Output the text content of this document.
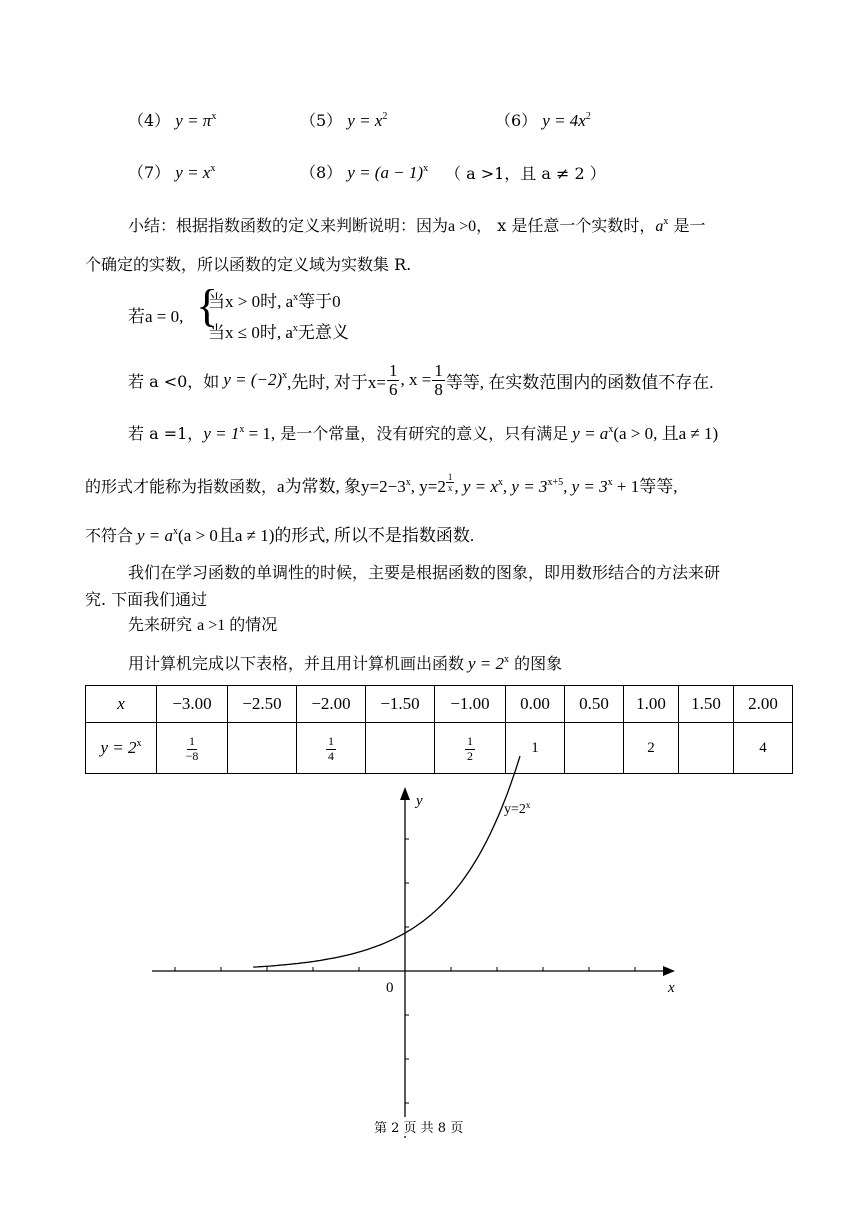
（4） $y = \pi^x$	（5） $y = x^2$	（6） $y = 4x^2$
（7） $y = x^x$	（8） $y = (a - 1)^x$ （ a >1，且 a ≠ 2 ）
小结：根据指数函数的定义来判断说明：因为a >0， x 是任意一个实数时，$a^x$ 是一
个确定的实数，所以函数的定义域为实数集 R.
若a = 0, {
当x > 0时, $a^x$等于0
当x ≤ 0时, $a^x$无意义
若 a <0，如 $y = (-2)^x$ ,先时, 对于$x= \frac{1}{6}$ , $x = \frac{1}{8}$ 等等, 在实数范围内的函数值不存在.
若 a =1，$y = 1^x = 1$, 是一个常量，没有研究的意义，只有满足 $y = a^x(a > 0$, 且a ≠ 1)
的形式才能称为指数函数，a为常数, 象$y=2-3^x$, y=2 $^{\frac{1}{x}}$ , $y = x^x$, $y = 3^{x+5}$, $y = 3^x + 1$等等,
不符合 $y = a^x(a > 0$且a ≠ 1)的形式, 所以不是指数函数.
我们在学习函数的单调性的时候，主要是根据函数的图象，即用数形结合的方法来研
究. 下面我们通过
先来研究 a >1 的情况
用计算机完成以下表格，并且用计算机画出函数 $y = 2^x$ 的图象
x	−3.00	−2.50	−2.00	−1.50	−1.00	0.00	0.50	1.00	1.50	2.00
$y = 2^x$	$\frac{1}{-8}$		$\frac{1}{4}$		$\frac{1}{2}$	1		2		4
y
x
0
$y=2^x$
第 2 页 共 8 页
